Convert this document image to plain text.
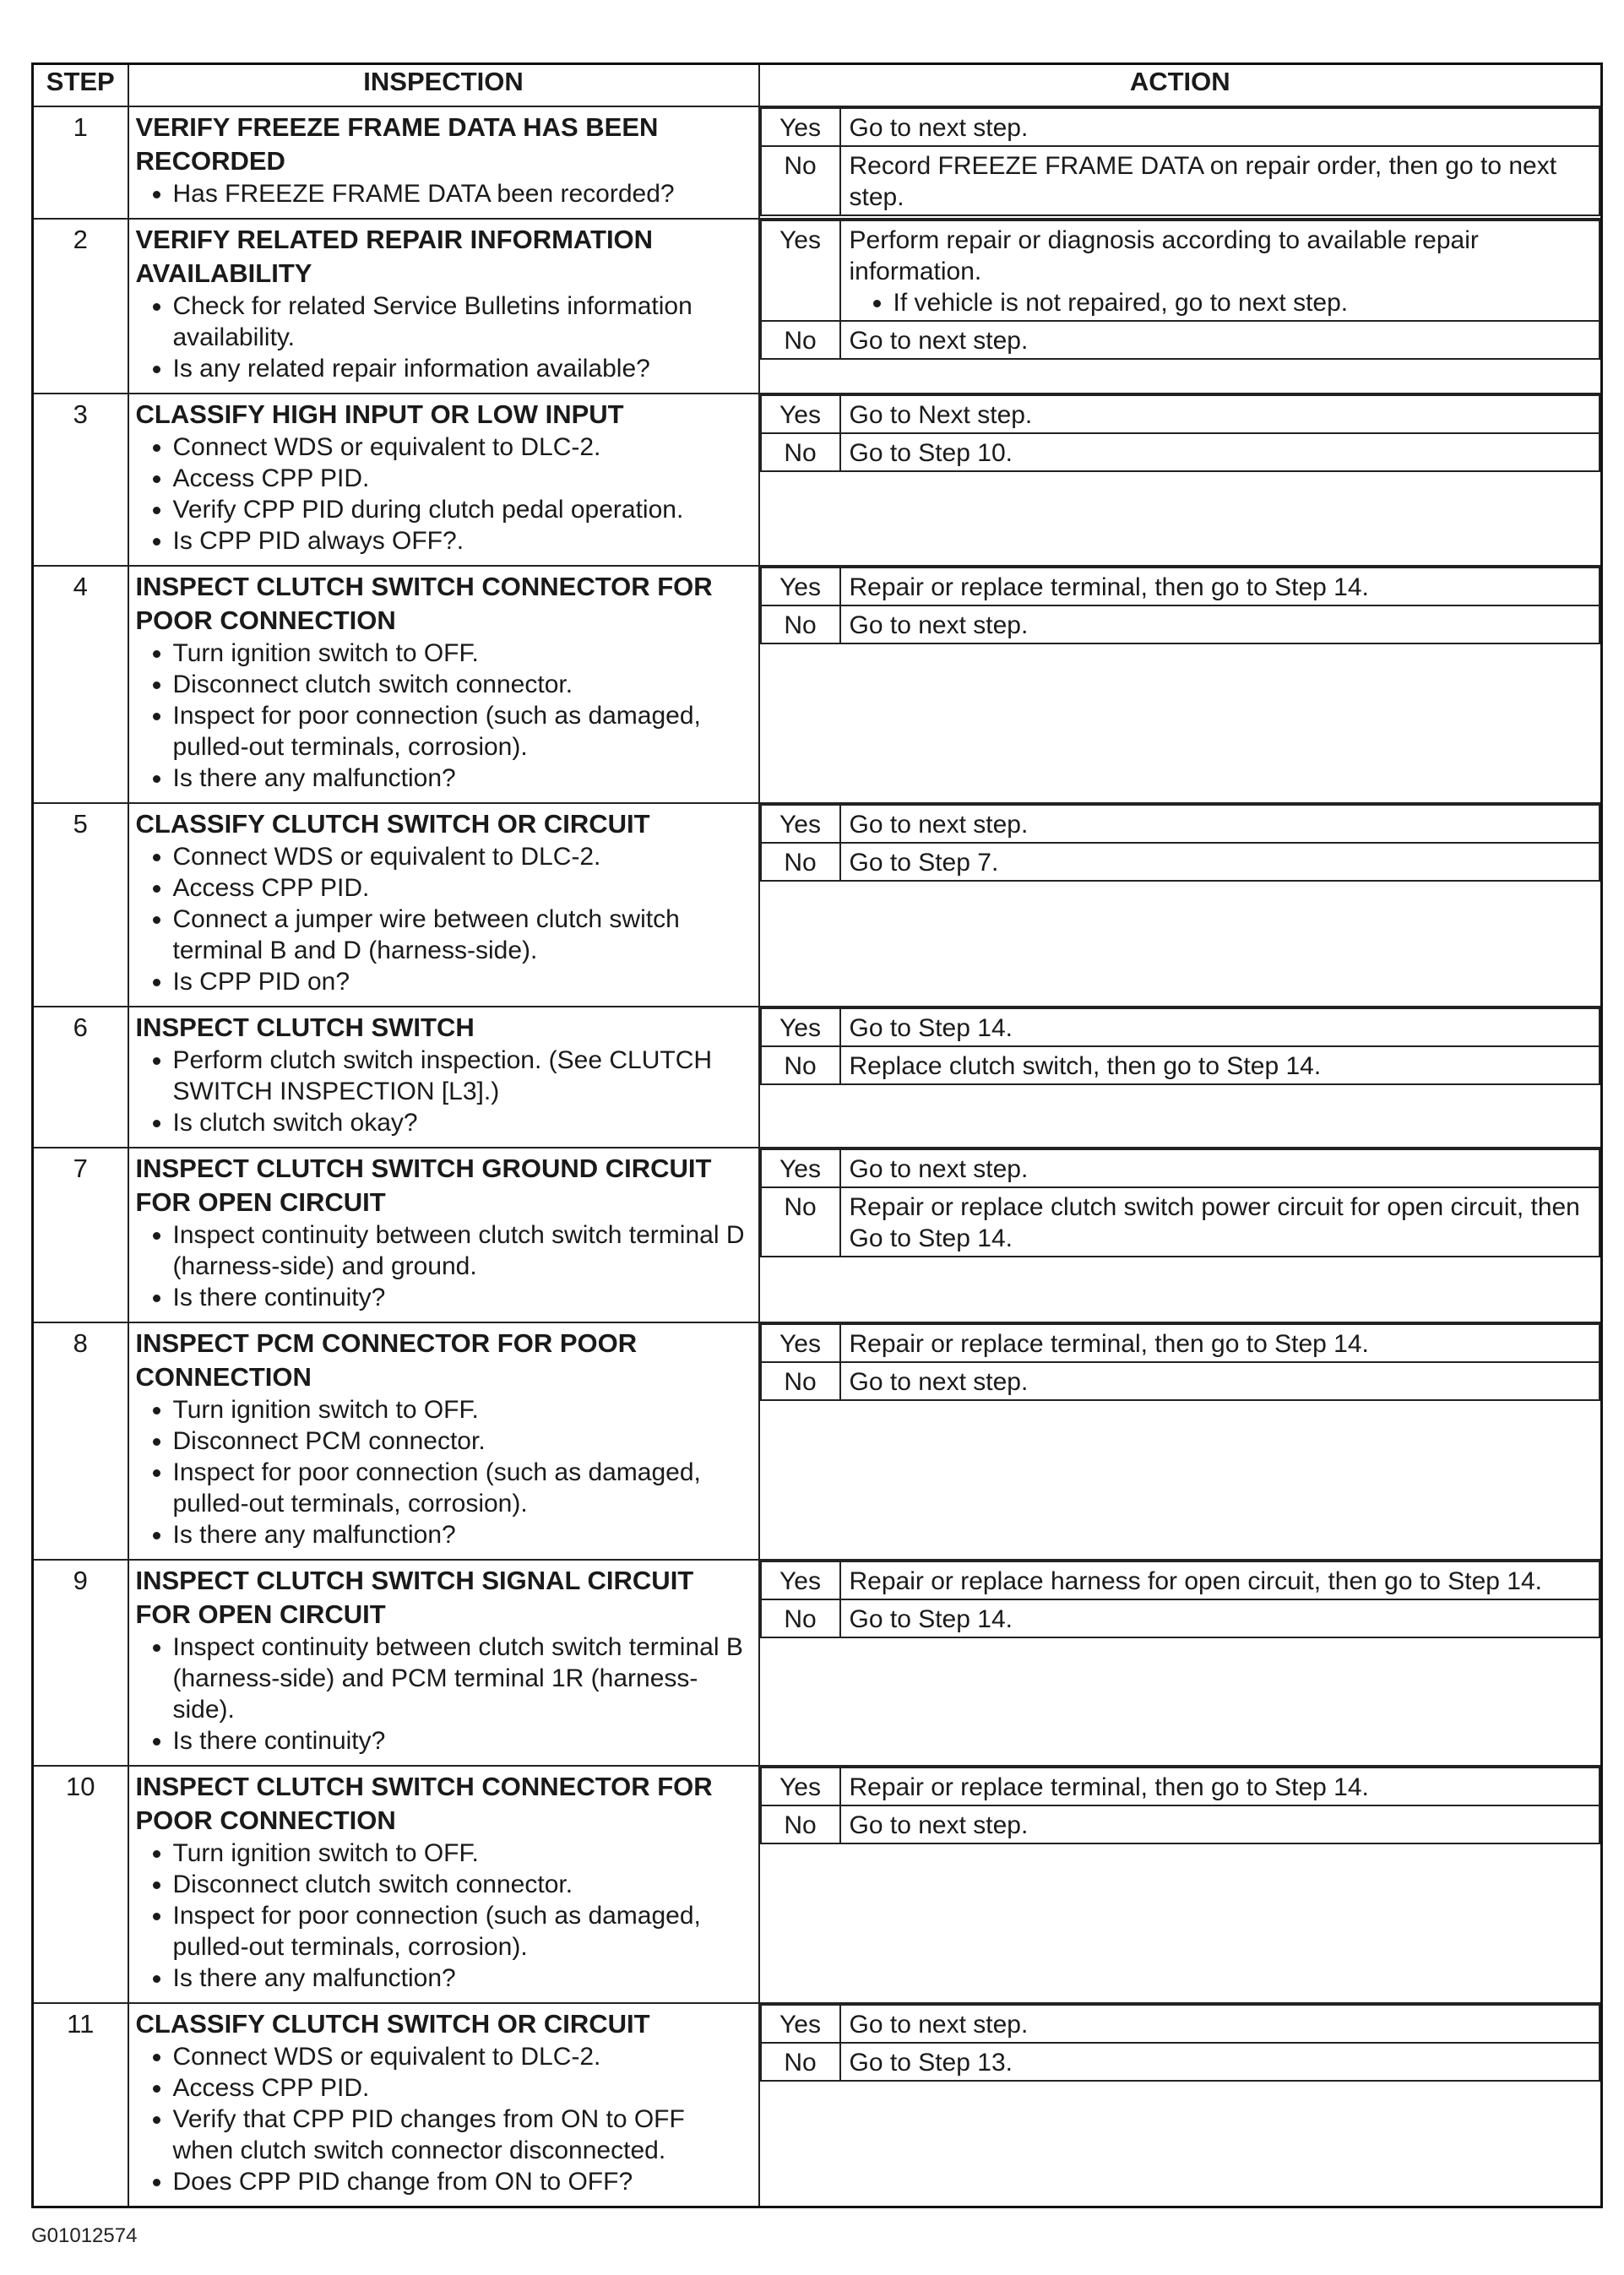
STEP	INSPECTION	ACTION
1	VERIFY FREEZE FRAME DATA HAS BEEN RECORDED
• Has FREEZE FRAME DATA been recorded?

Yes	Go to next step.

No	Record FREEZE FRAME DATA on repair order, then go to next step.

2	VERIFY RELATED REPAIR INFORMATION AVAILABILITY
• Check for related Service Bulletins information availability.
• Is any related repair information available?

Yes	Perform repair or diagnosis according to available repair information.
• If vehicle is not repaired, go to next step.

No	Go to next step.

3	CLASSIFY HIGH INPUT OR LOW INPUT
• Connect WDS or equivalent to DLC-2.
• Access CPP PID.
• Verify CPP PID during clutch pedal operation.
• Is CPP PID always OFF?.

Yes	Go to Next step.

No	Go to Step 10.

4	INSPECT CLUTCH SWITCH CONNECTOR FOR POOR CONNECTION
• Turn ignition switch to OFF.
• Disconnect clutch switch connector.
• Inspect for poor connection (such as damaged, pulled-out terminals, corrosion).
• Is there any malfunction?

Yes	Repair or replace terminal, then go to Step 14.

No	Go to next step.

5	CLASSIFY CLUTCH SWITCH OR CIRCUIT
• Connect WDS or equivalent to DLC-2.
• Access CPP PID.
• Connect a jumper wire between clutch switch terminal B and D (harness-side).
• Is CPP PID on?

Yes	Go to next step.

No	Go to Step 7.

6	INSPECT CLUTCH SWITCH
• Perform clutch switch inspection. (See CLUTCH SWITCH INSPECTION [L3].)
• Is clutch switch okay?

Yes	Go to Step 14.

No	Replace clutch switch, then go to Step 14.

7	INSPECT CLUTCH SWITCH GROUND CIRCUIT FOR OPEN CIRCUIT
• Inspect continuity between clutch switch terminal D (harness-side) and ground.
• Is there continuity?

Yes	Go to next step.

No	Repair or replace clutch switch power circuit for open circuit, then Go to Step 14.

8	INSPECT PCM CONNECTOR FOR POOR CONNECTION
• Turn ignition switch to OFF.
• Disconnect PCM connector.
• Inspect for poor connection (such as damaged, pulled-out terminals, corrosion).
• Is there any malfunction?

Yes	Repair or replace terminal, then go to Step 14.

No	Go to next step.

9	INSPECT CLUTCH SWITCH SIGNAL CIRCUIT FOR OPEN CIRCUIT
• Inspect continuity between clutch switch terminal B (harness-side) and PCM terminal 1R (harness-side).
• Is there continuity?

Yes	Repair or replace harness for open circuit, then go to Step 14.

No	Go to Step 14.

10	INSPECT CLUTCH SWITCH CONNECTOR FOR POOR CONNECTION
• Turn ignition switch to OFF.
• Disconnect clutch switch connector.
• Inspect for poor connection (such as damaged, pulled-out terminals, corrosion).
• Is there any malfunction?

Yes	Repair or replace terminal, then go to Step 14.

No	Go to next step.

11	CLASSIFY CLUTCH SWITCH OR CIRCUIT
• Connect WDS or equivalent to DLC-2.
• Access CPP PID.
• Verify that CPP PID changes from ON to OFF when clutch switch connector disconnected.
• Does CPP PID change from ON to OFF?

Yes	Go to next step.

No	Go to Step 13.
G01012574
